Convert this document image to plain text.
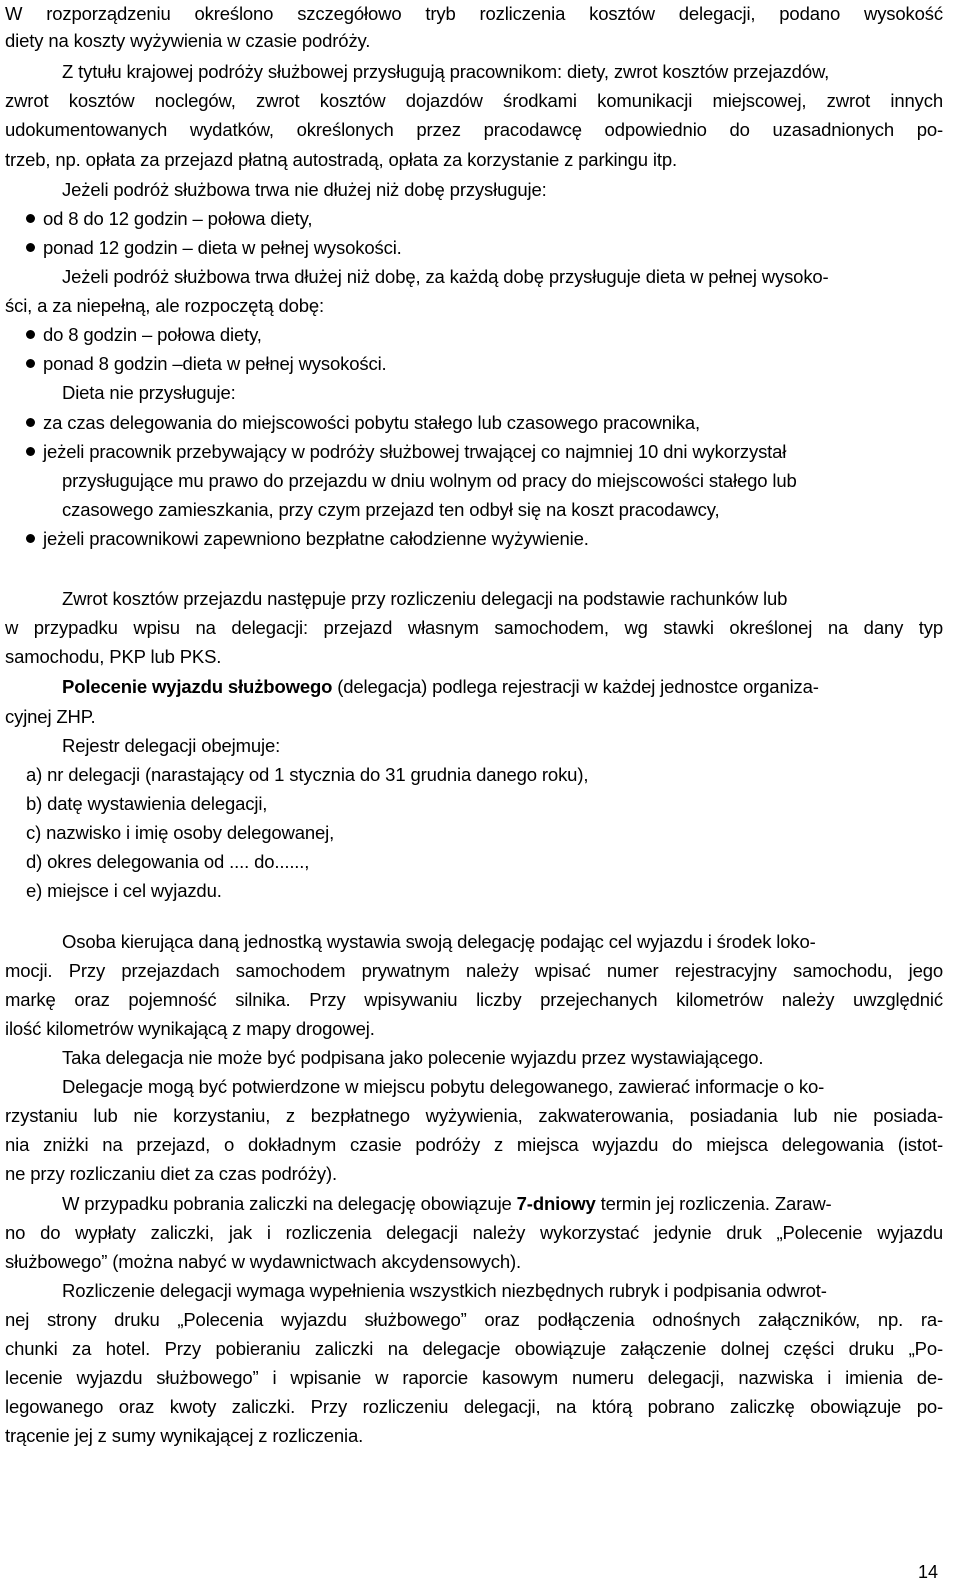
W rozporządzeniu określono szczegółowo tryb rozliczenia kosztów delegacji, podano wysokość
diety na koszty wyżywienia w czasie podróży.
Z tytułu krajowej podróży służbowej przysługują pracownikom: diety, zwrot kosztów przejazdów,
zwrot kosztów noclegów, zwrot kosztów dojazdów środkami komunikacji miejscowej, zwrot innych
udokumentowanych wydatków, określonych przez pracodawcę odpowiednio do uzasadnionych po-
trzeb, np. opłata za przejazd płatną autostradą, opłata za korzystanie z parkingu itp.
Jeżeli podróż służbowa trwa nie dłużej niż dobę przysługuje:
od 8 do 12 godzin – połowa diety,
ponad 12 godzin – dieta w pełnej wysokości.
Jeżeli podróż służbowa trwa dłużej niż dobę, za każdą dobę przysługuje dieta w pełnej wysoko-
ści, a za niepełną, ale rozpoczętą dobę:
do 8 godzin – połowa diety,
ponad 8 godzin –dieta w pełnej wysokości.
Dieta nie przysługuje:
za czas delegowania do miejscowości pobytu stałego lub czasowego pracownika,
jeżeli pracownik przebywający w podróży służbowej trwającej co najmniej 10 dni wykorzystał
przysługujące mu prawo do przejazdu w dniu wolnym od pracy do miejscowości stałego lub
czasowego zamieszkania, przy czym przejazd ten odbył się na koszt pracodawcy,
jeżeli pracownikowi zapewniono bezpłatne całodzienne wyżywienie.
Zwrot kosztów przejazdu następuje przy rozliczeniu delegacji na podstawie rachunków lub
w przypadku wpisu na delegacji: przejazd własnym samochodem, wg stawki określonej na dany typ
samochodu, PKP lub PKS.
Polecenie wyjazdu służbowego (delegacja) podlega rejestracji w każdej jednostce organiza-
cyjnej ZHP.
Rejestr delegacji obejmuje:
a) nr delegacji (narastający od 1 stycznia do 31 grudnia danego roku),
b) datę wystawienia delegacji,
c) nazwisko i imię osoby delegowanej,
d) okres delegowania od .... do......,
e) miejsce i cel wyjazdu.
Osoba kierująca daną jednostką wystawia swoją delegację podając cel wyjazdu i środek loko-
mocji. Przy przejazdach samochodem prywatnym należy wpisać numer rejestracyjny samochodu, jego
markę oraz pojemność silnika. Przy wpisywaniu liczby przejechanych kilometrów należy uwzględnić
ilość kilometrów wynikającą z mapy drogowej.
Taka delegacja nie może być podpisana jako polecenie wyjazdu przez wystawiającego.
Delegacje mogą być potwierdzone w miejscu pobytu delegowanego, zawierać informacje o ko-
rzystaniu lub nie korzystaniu, z bezpłatnego wyżywienia, zakwaterowania, posiadania lub nie posiada-
nia zniżki na przejazd, o dokładnym czasie podróży z miejsca wyjazdu do miejsca delegowania (istot-
ne przy rozliczaniu diet za czas podróży).
W przypadku pobrania zaliczki na delegację obowiązuje 7-dniowy termin jej rozliczenia. Zaraw-
no do wypłaty zaliczki, jak i rozliczenia delegacji należy wykorzystać jedynie druk „Polecenie wyjazdu
służbowego” (można nabyć w wydawnictwach akcydensowych).
Rozliczenie delegacji wymaga wypełnienia wszystkich niezbędnych rubryk i podpisania odwrot-
nej strony druku „Polecenia wyjazdu służbowego” oraz podłączenia odnośnych załączników, np. ra-
chunki za hotel. Przy pobieraniu zaliczki na delegacje obowiązuje załączenie dolnej części druku „Po-
lecenie wyjazdu służbowego” i wpisanie w raporcie kasowym numeru delegacji, nazwiska i imienia de-
legowanego oraz kwoty zaliczki. Przy rozliczeniu delegacji, na którą pobrano zaliczkę obowiązuje po-
trącenie jej z sumy wynikającej z rozliczenia.
14
